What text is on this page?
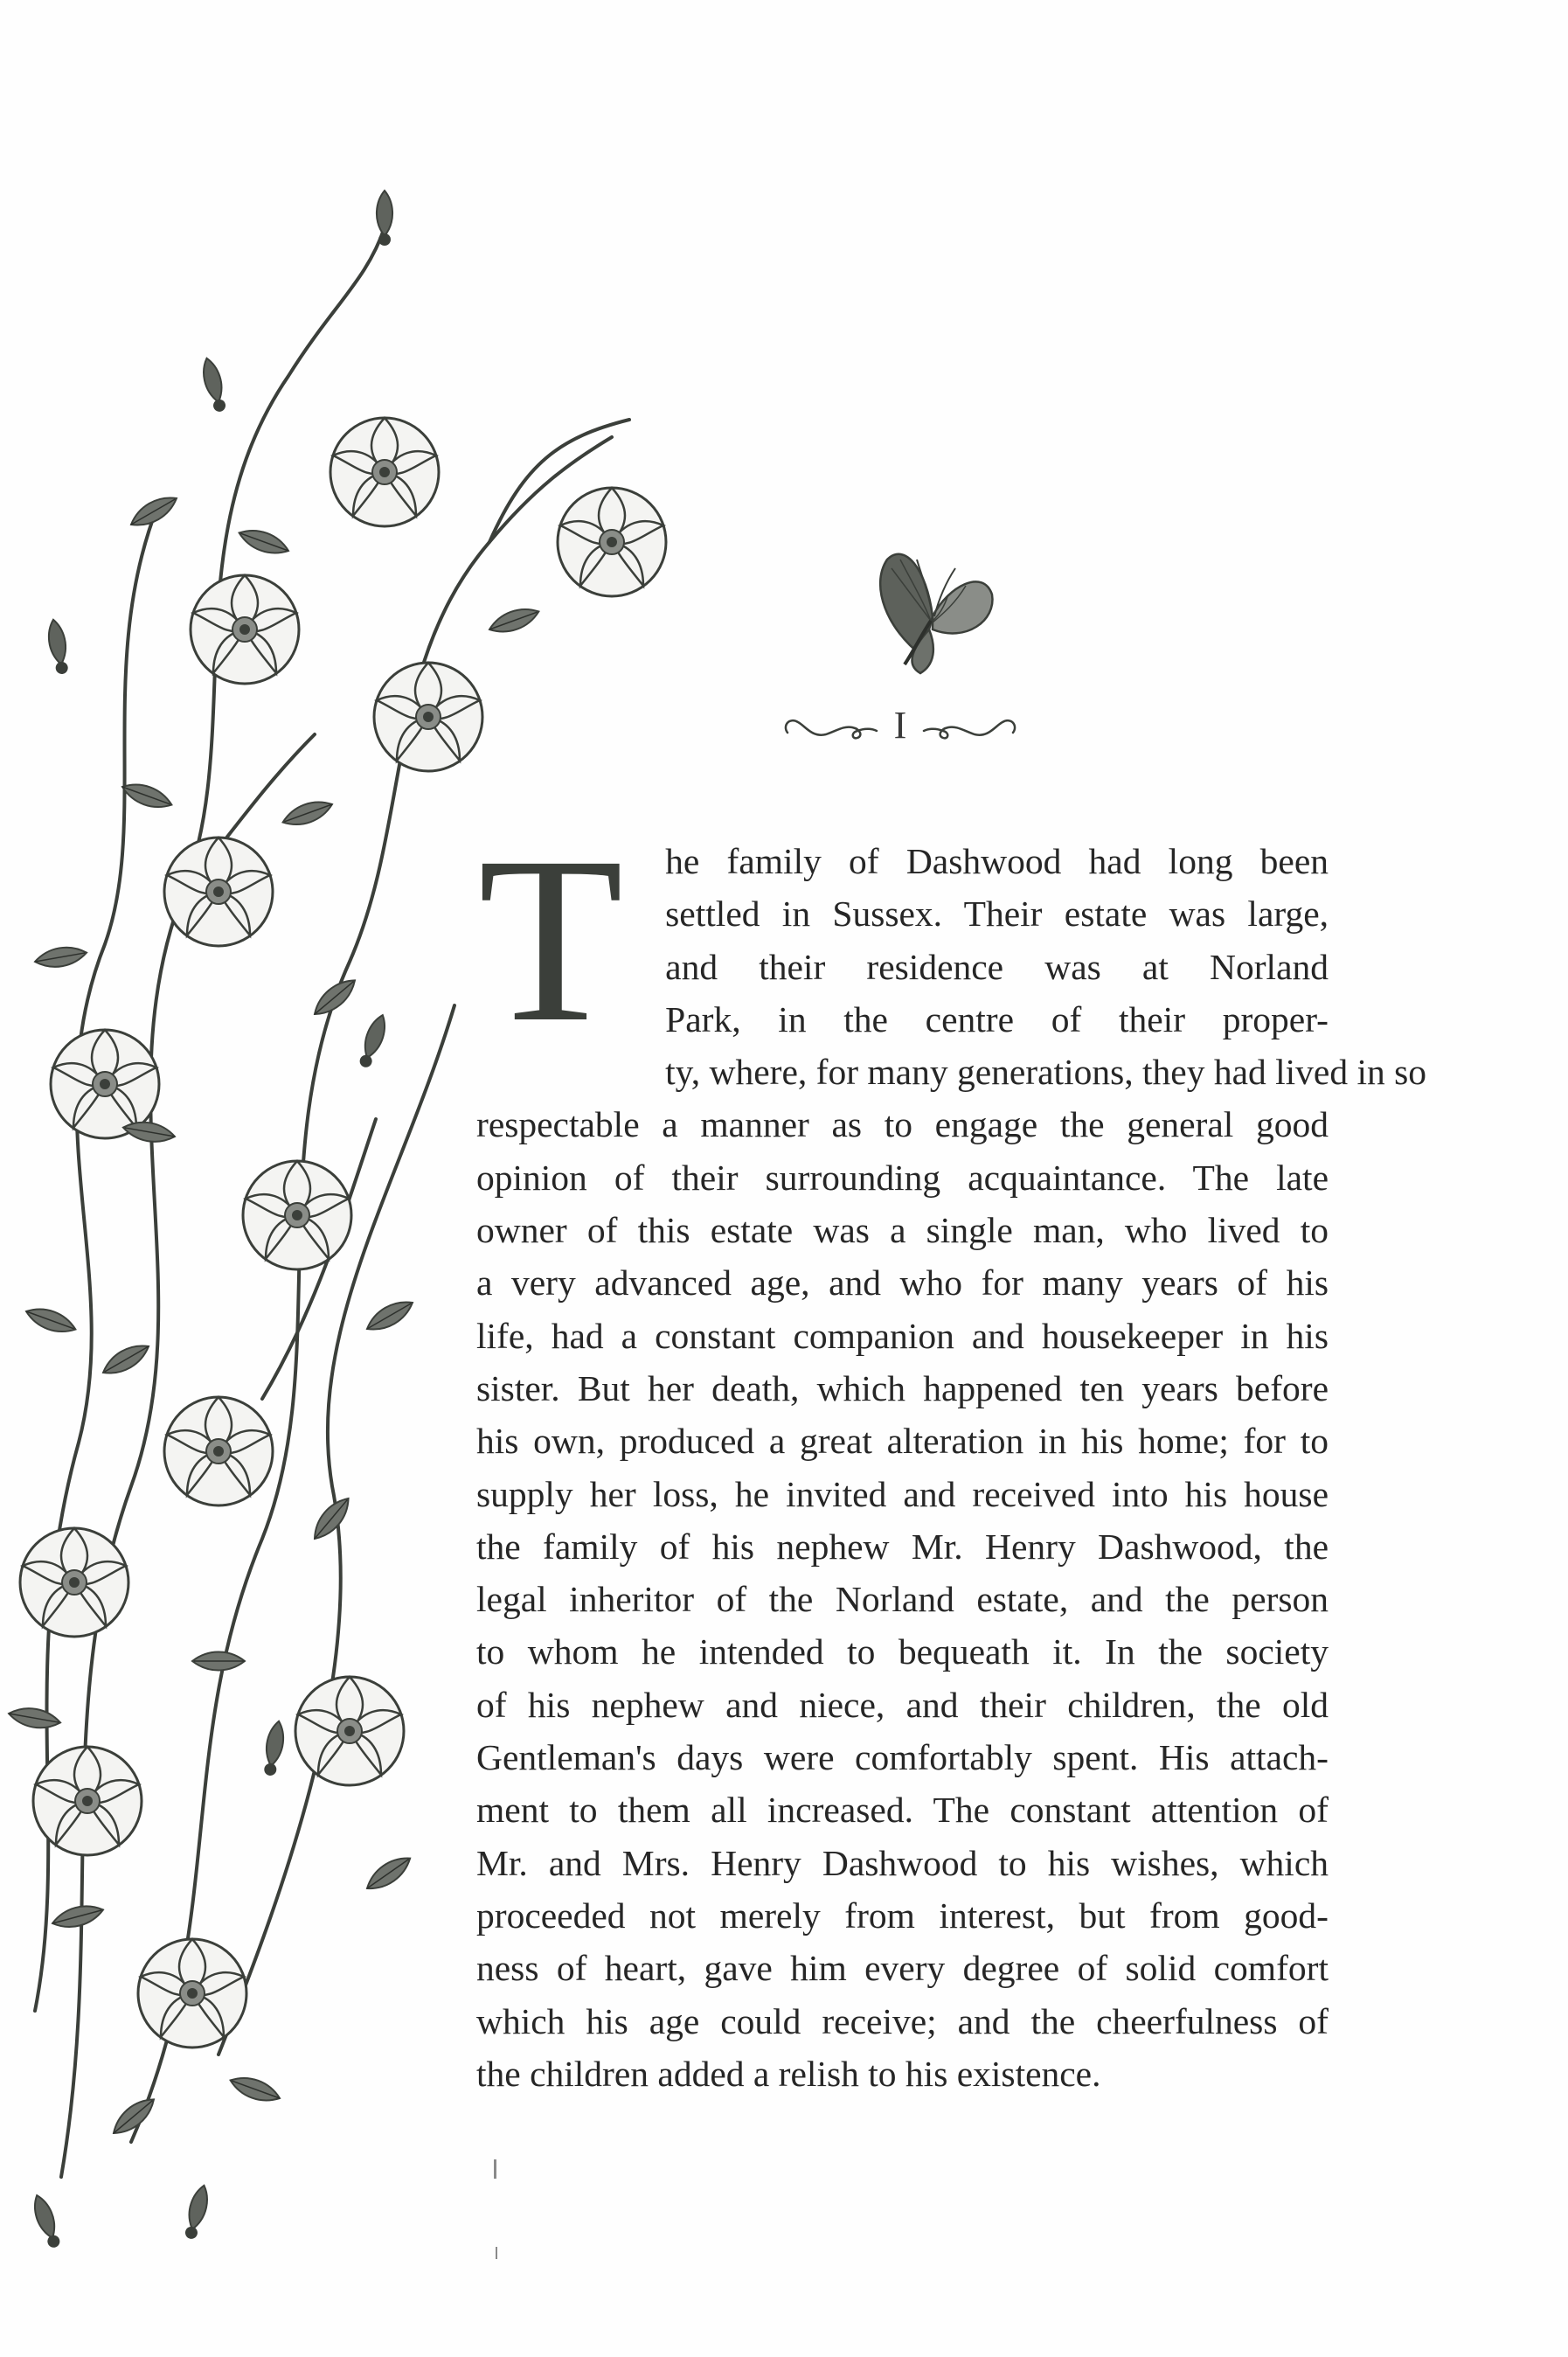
I
T	he family of Dashwood had long been
settled in Sussex. Their estate was large,
and their residence was at Norland
Park, in the centre of their proper-
ty, where, for many generations, they had lived in so
respectable a manner as to engage the general good
opinion of their surrounding acquaintance. The late
owner of this estate was a single man, who lived to
a very advanced age, and who for many years of his
life, had a constant companion and housekeeper in his
sister. But her death, which happened ten years before
his own, produced a great alteration in his home; for to
supply her loss, he invited and received into his house
the family of his nephew Mr. Henry Dashwood, the
legal inheritor of the Norland estate, and the person
to whom he intended to bequeath it. In the society
of his nephew and niece, and their children, the old
Gentleman's days were comfortably spent. His attach-
ment to them all increased. The constant attention of
Mr. and Mrs. Henry Dashwood to his wishes, which
proceeded not merely from interest, but from good-
ness of heart, gave him every degree of solid comfort
which his age could receive; and the cheerfulness of
the children added a relish to his existence.
